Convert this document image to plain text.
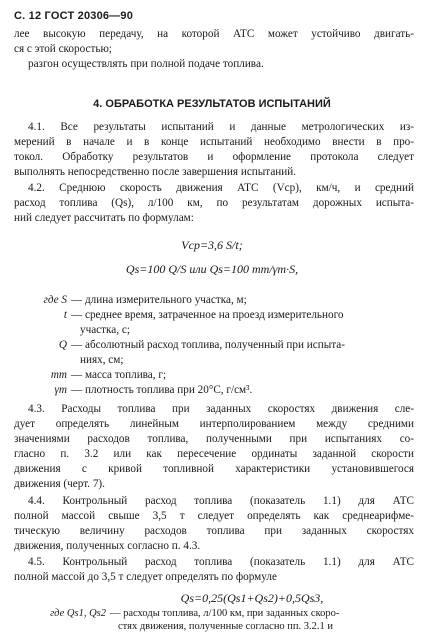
С. 12 ГОСТ 20306—90
лее высокую передачу, на которой АТС может устойчиво двигать-
ся с этой скоростью;
разгон осуществлять при полной подаче топлива.
4. ОБРАБОТКА РЕЗУЛЬТАТОВ ИСПЫТАНИЙ
4.1. Все результаты испытаний и данные метрологических из-
мерений в начале и в конце испытаний необходимо внести в про-
токол. Обработку результатов и оформление протокола следует
выполнять непосредственно после завершения испытаний.
4.2. Среднюю скорость движения АТС (Vср), км/ч, и средний
расход топлива (Qs), л/100 км, по результатам дорожных испыта-
ний следует рассчитать по формулам:
Vср=3,6 S/t;
Qs=100 Q/S или Qs=100 mт/γт·S,
где S — длина измерительного участка, м;
t — среднее время, затраченное на проезд измерительного
участка, с;
Q — абсолютный расход топлива, полученный при испыта-
ниях, см;
mт — масса топлива, г;
γт — плотность топлива при 20°С, г/см³.
4.3. Расходы топлива при заданных скоростях движения сле-
дует определять линейным интерполированием между средними
значениями расходов топлива, полученными при испытаниях со-
гласно п. 3.2 или как пересечение ординаты заданной скорости
движения с кривой топливной характеристики установившегося
движения (черт. 7).
4.4. Контрольный расход топлива (показатель 1.1) для АТС
полной массой свыше 3,5 т следует определять как среднеарифме-
тическую величину расходов топлива при заданных скоростях
движения, полученных согласно п. 4.3.
4.5. Контрольный расход топлива (показатель 1.1) для АТС
полной массой до 3,5 т следует определять по формуле
Qs=0,25(Qs1+Qs2)+0,5Qs3,
где Qs1, Qs2 — расходы топлива, л/100 км, при заданных скоро-
стях движения, полученные согласно пп. 3.2.1 и
